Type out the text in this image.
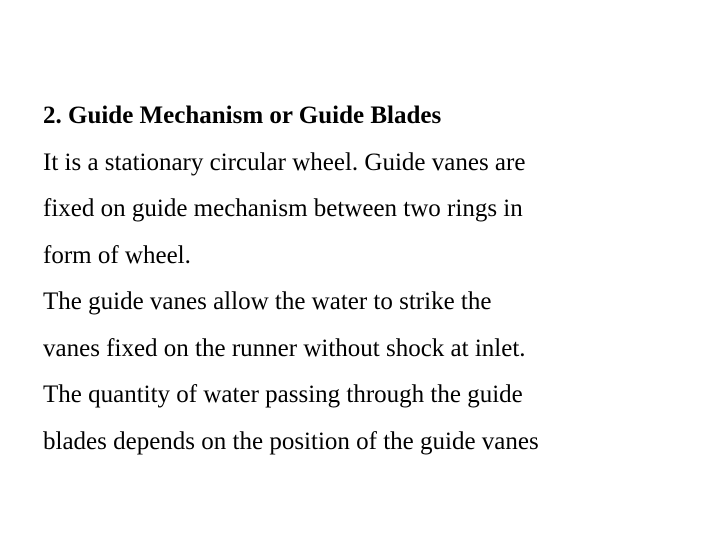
2. Guide Mechanism or Guide Blades
It is a stationary circular wheel. Guide vanes are
fixed on guide mechanism between two rings in
form of wheel.
The guide vanes allow the water to strike the
vanes fixed on the runner without shock at inlet.
The quantity of water passing through the guide
blades depends on the position of the guide vanes
